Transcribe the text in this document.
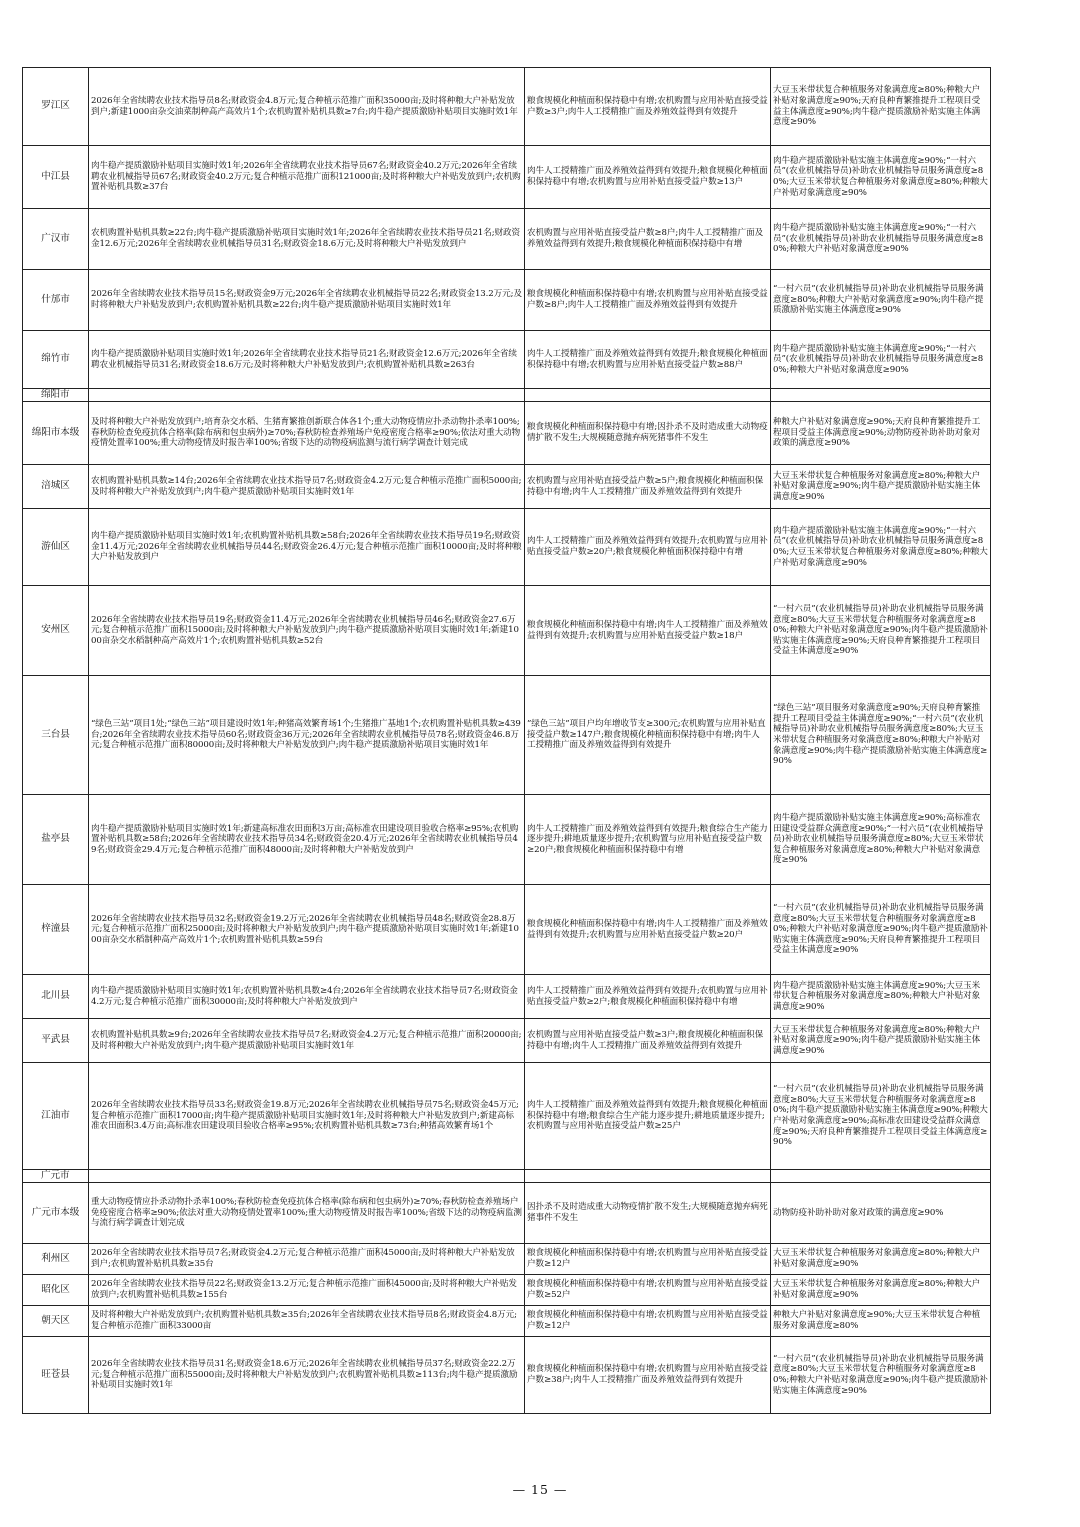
罗江区	2026年全省续聘农业技术指导员8名;财政资金4.8万元;复合种植示范推广面积35000亩;及时将种粮大户补贴发放到户;新建1000亩杂交油菜制种高产高效片1个;农机购置补贴机具数≥7台;肉牛稳产提质激励补贴项目实施时效1年	粮食规模化种植面积保持稳中有增;农机购置与应用补贴直接受益户数≥3户;肉牛人工授精推广面及养殖效益得到有效提升	大豆玉米带状复合种植服务对象满意度≥80%;种粮大户补贴对象满意度≥90%;天府良种育繁推提升工程项目受益主体满意度≥90%;肉牛稳产提质激励补贴实施主体满意度≥90%
中江县	肉牛稳产提质激励补贴项目实施时效1年;2026年全省续聘农业技术指导员67名;财政资金40.2万元;2026年全省续聘农业机械指导员67名;财政资金40.2万元;复合种植示范推广面积121000亩;及时将种粮大户补贴发放到户;农机购置补贴机具数≥37台	肉牛人工授精推广面及养殖效益得到有效提升;粮食规模化种植面积保持稳中有增;农机购置与应用补贴直接受益户数≥13户	肉牛稳产提质激励补贴实施主体满意度≥90%;“一村六员”(农业机械指导员)补助农业机械指导员服务满意度≥80%;大豆玉米带状复合种植服务对象满意度≥80%;种粮大户补贴对象满意度≥90%
广汉市	农机购置补贴机具数≥22台;肉牛稳产提质激励补贴项目实施时效1年;2026年全省续聘农业技术指导员21名;财政资金12.6万元;2026年全省续聘农业机械指导员31名;财政资金18.6万元;及时将种粮大户补贴发放到户	农机购置与应用补贴直接受益户数≥8户;肉牛人工授精推广面及养殖效益得到有效提升;粮食规模化种植面积保持稳中有增	肉牛稳产提质激励补贴实施主体满意度≥90%;“一村六员”(农业机械指导员)补助农业机械指导员服务满意度≥80%;种粮大户补贴对象满意度≥90%
什邡市	2026年全省续聘农业技术指导员15名;财政资金9万元;2026年全省续聘农业机械指导员22名;财政资金13.2万元;及时将种粮大户补贴发放到户;农机购置补贴机具数≥22台;肉牛稳产提质激励补贴项目实施时效1年	粮食规模化种植面积保持稳中有增;农机购置与应用补贴直接受益户数≥8户;肉牛人工授精推广面及养殖效益得到有效提升	“一村六员”(农业机械指导员)补助农业机械指导员服务满意度≥80%;种粮大户补贴对象满意度≥90%;肉牛稳产提质激励补贴实施主体满意度≥90%
绵竹市	肉牛稳产提质激励补贴项目实施时效1年;2026年全省续聘农业技术指导员21名;财政资金12.6万元;2026年全省续聘农业机械指导员31名;财政资金18.6万元;及时将种粮大户补贴发放到户;农机购置补贴机具数≥263台	肉牛人工授精推广面及养殖效益得到有效提升;粮食规模化种植面积保持稳中有增;农机购置与应用补贴直接受益户数≥88户	肉牛稳产提质激励补贴实施主体满意度≥90%;“一村六员”(农业机械指导员)补助农业机械指导员服务满意度≥80%;种粮大户补贴对象满意度≥90%
绵阳市			
绵阳市本级	及时将种粮大户补贴发放到户;培育杂交水稻、生猪育繁推创新联合体各1个;重大动物疫情应扑杀动物扑杀率100%;春秋防检查免疫抗体合格率(除布病和包虫病外)≥70%;春秋防检查养殖场户免疫密度合格率≥90%;依法对重大动物疫情处置率100%;重大动物疫情及时报告率100%;省级下达的动物疫病监测与流行病学调查计划完成	粮食规模化种植面积保持稳中有增;因扑杀不及时造成重大动物疫情扩散不发生;大规模随意抛弃病死猪事件不发生	种粮大户补贴对象满意度≥90%;天府良种育繁推提升工程项目受益主体满意度≥90%;动物防疫补助补助对象对政策的满意度≥90%
涪城区	农机购置补贴机具数≥14台;2026年全省续聘农业技术指导员7名;财政资金4.2万元;复合种植示范推广面积5000亩;及时将种粮大户补贴发放到户;肉牛稳产提质激励补贴项目实施时效1年	农机购置与应用补贴直接受益户数≥5户;粮食规模化种植面积保持稳中有增;肉牛人工授精推广面及养殖效益得到有效提升	大豆玉米带状复合种植服务对象满意度≥80%;种粮大户补贴对象满意度≥90%;肉牛稳产提质激励补贴实施主体满意度≥90%
游仙区	肉牛稳产提质激励补贴项目实施时效1年;农机购置补贴机具数≥58台;2026年全省续聘农业技术指导员19名;财政资金11.4万元;2026年全省续聘农业机械指导员44名;财政资金26.4万元;复合种植示范推广面积10000亩;及时将种粮大户补贴发放到户	肉牛人工授精推广面及养殖效益得到有效提升;农机购置与应用补贴直接受益户数≥20户;粮食规模化种植面积保持稳中有增	肉牛稳产提质激励补贴实施主体满意度≥90%;“一村六员”(农业机械指导员)补助农业机械指导员服务满意度≥80%;大豆玉米带状复合种植服务对象满意度≥80%;种粮大户补贴对象满意度≥90%
安州区	2026年全省续聘农业技术指导员19名;财政资金11.4万元;2026年全省续聘农业机械指导员46名;财政资金27.6万元;复合种植示范推广面积15000亩;及时将种粮大户补贴发放到户;肉牛稳产提质激励补贴项目实施时效1年;新建1000亩杂交水稻制种高产高效片1个;农机购置补贴机具数≥52台	粮食规模化种植面积保持稳中有增;肉牛人工授精推广面及养殖效益得到有效提升;农机购置与应用补贴直接受益户数≥18户	“一村六员”(农业机械指导员)补助农业机械指导员服务满意度≥80%;大豆玉米带状复合种植服务对象满意度≥80%;种粮大户补贴对象满意度≥90%;肉牛稳产提质激励补贴实施主体满意度≥90%;天府良种育繁推提升工程项目受益主体满意度≥90%
三台县	“绿色三站”项目1处;“绿色三站”项目建设时效1年;种猪高效繁育场1个;生猪推广基地1个;农机购置补贴机具数≥439台;2026年全省续聘农业技术指导员60名;财政资金36万元;2026年全省续聘农业机械指导员78名;财政资金46.8万元;复合种植示范推广面积80000亩;及时将种粮大户补贴发放到户;肉牛稳产提质激励补贴项目实施时效1年	”绿色三站”项目户均年增收节支≥300元;农机购置与应用补贴直接受益户数≥147户;粮食规模化种植面积保持稳中有增;肉牛人工授精推广面及养殖效益得到有效提升	“绿色三站”项目服务对象满意度≥90%;天府良种育繁推提升工程项目受益主体满意度≥90%;“一村六员”(农业机械指导员)补助农业机械指导员服务满意度≥80%;大豆玉米带状复合种植服务对象满意度≥80%;种粮大户补贴对象满意度≥90%;肉牛稳产提质激励补贴实施主体满意度≥90%
盐亭县	肉牛稳产提质激励补贴项目实施时效1年;新建高标准农田面积3万亩;高标准农田建设项目验收合格率≥95%;农机购置补贴机具数≥58台;2026年全省续聘农业技术指导员34名;财政资金20.4万元;2026年全省续聘农业机械指导员49名;财政资金29.4万元;复合种植示范推广面积48000亩;及时将种粮大户补贴发放到户	肉牛人工授精推广面及养殖效益得到有效提升;粮食综合生产能力逐步提升;耕地质量逐步提升;农机购置与应用补贴直接受益户数≥20户;粮食规模化种植面积保持稳中有增	肉牛稳产提质激励补贴实施主体满意度≥90%;高标准农田建设受益群众满意度≥90%;“一村六员”(农业机械指导员)补助农业机械指导员服务满意度≥80%;大豆玉米带状复合种植服务对象满意度≥80%;种粮大户补贴对象满意度≥90%
梓潼县	2026年全省续聘农业技术指导员32名;财政资金19.2万元;2026年全省续聘农业机械指导员48名;财政资金28.8万元;复合种植示范推广面积25000亩;及时将种粮大户补贴发放到户;肉牛稳产提质激励补贴项目实施时效1年;新建1000亩杂交水稻制种高产高效片1个;农机购置补贴机具数≥59台	粮食规模化种植面积保持稳中有增;肉牛人工授精推广面及养殖效益得到有效提升;农机购置与应用补贴直接受益户数≥20户	“一村六员”(农业机械指导员)补助农业机械指导员服务满意度≥80%;大豆玉米带状复合种植服务对象满意度≥80%;种粮大户补贴对象满意度≥90%;肉牛稳产提质激励补贴实施主体满意度≥90%;天府良种育繁推提升工程项目受益主体满意度≥90%
北川县	肉牛稳产提质激励补贴项目实施时效1年;农机购置补贴机具数≥4台;2026年全省续聘农业技术指导员7名;财政资金4.2万元;复合种植示范推广面积30000亩;及时将种粮大户补贴发放到户	肉牛人工授精推广面及养殖效益得到有效提升;农机购置与应用补贴直接受益户数≥2户;粮食规模化种植面积保持稳中有增	肉牛稳产提质激励补贴实施主体满意度≥90%;大豆玉米带状复合种植服务对象满意度≥80%;种粮大户补贴对象满意度≥90%
平武县	农机购置补贴机具数≥9台;2026年全省续聘农业技术指导员7名;财政资金4.2万元;复合种植示范推广面积20000亩;及时将种粮大户补贴发放到户;肉牛稳产提质激励补贴项目实施时效1年	农机购置与应用补贴直接受益户数≥3户;粮食规模化种植面积保持稳中有增;肉牛人工授精推广面及养殖效益得到有效提升	大豆玉米带状复合种植服务对象满意度≥80%;种粮大户补贴对象满意度≥90%;肉牛稳产提质激励补贴实施主体满意度≥90%
江油市	2026年全省续聘农业技术指导员33名;财政资金19.8万元;2026年全省续聘农业机械指导员75名;财政资金45万元;复合种植示范推广面积17000亩;肉牛稳产提质激励补贴项目实施时效1年;及时将种粮大户补贴发放到户;新建高标准农田面积3.4万亩;高标准农田建设项目验收合格率≥95%;农机购置补贴机具数≥73台;种猪高效繁育场1个	肉牛人工授精推广面及养殖效益得到有效提升;粮食规模化种植面积保持稳中有增;粮食综合生产能力逐步提升;耕地质量逐步提升;农机购置与应用补贴直接受益户数≥25户	“一村六员”(农业机械指导员)补助农业机械指导员服务满意度≥80%;大豆玉米带状复合种植服务对象满意度≥80%;肉牛稳产提质激励补贴实施主体满意度≥90%;种粮大户补贴对象满意度≥90%;高标准农田建设受益群众满意度≥90%;天府良种育繁推提升工程项目受益主体满意度≥90%
广元市			
广元市本级	重大动物疫情应扑杀动物扑杀率100%;春秋防检查免疫抗体合格率(除布病和包虫病外)≥70%;春秋防检查养殖场户免疫密度合格率≥90%;依法对重大动物疫情处置率100%;重大动物疫情及时报告率100%;省级下达的动物疫病监测与流行病学调查计划完成	因扑杀不及时造成重大动物疫情扩散不发生;大规模随意抛弃病死猪事件不发生	动物防疫补助补助对象对政策的满意度≥90%
利州区	2026年全省续聘农业技术指导员7名;财政资金4.2万元;复合种植示范推广面积45000亩;及时将种粮大户补贴发放到户;农机购置补贴机具数≥35台	粮食规模化种植面积保持稳中有增;农机购置与应用补贴直接受益户数≥12户	大豆玉米带状复合种植服务对象满意度≥80%;种粮大户补贴对象满意度≥90%
昭化区	2026年全省续聘农业技术指导员22名;财政资金13.2万元;复合种植示范推广面积45000亩;及时将种粮大户补贴发放到户;农机购置补贴机具数≥155台	粮食规模化种植面积保持稳中有增;农机购置与应用补贴直接受益户数≥52户	大豆玉米带状复合种植服务对象满意度≥80%;种粮大户补贴对象满意度≥90%
朝天区	及时将种粮大户补贴发放到户;农机购置补贴机具数≥35台;2026年全省续聘农业技术指导员8名;财政资金4.8万元;复合种植示范推广面积33000亩	粮食规模化种植面积保持稳中有增;农机购置与应用补贴直接受益户数≥12户	种粮大户补贴对象满意度≥90%;大豆玉米带状复合种植服务对象满意度≥80%
旺苍县	2026年全省续聘农业技术指导员31名;财政资金18.6万元;2026年全省续聘农业机械指导员37名;财政资金22.2万元;复合种植示范推广面积55000亩;及时将种粮大户补贴发放到户;农机购置补贴机具数≥113台;肉牛稳产提质激励补贴项目实施时效1年	粮食规模化种植面积保持稳中有增;农机购置与应用补贴直接受益户数≥38户;肉牛人工授精推广面及养殖效益得到有效提升	“一村六员”(农业机械指导员)补助农业机械指导员服务满意度≥80%;大豆玉米带状复合种植服务对象满意度≥80%;种粮大户补贴对象满意度≥90%;肉牛稳产提质激励补贴实施主体满意度≥90%
— 15 —
